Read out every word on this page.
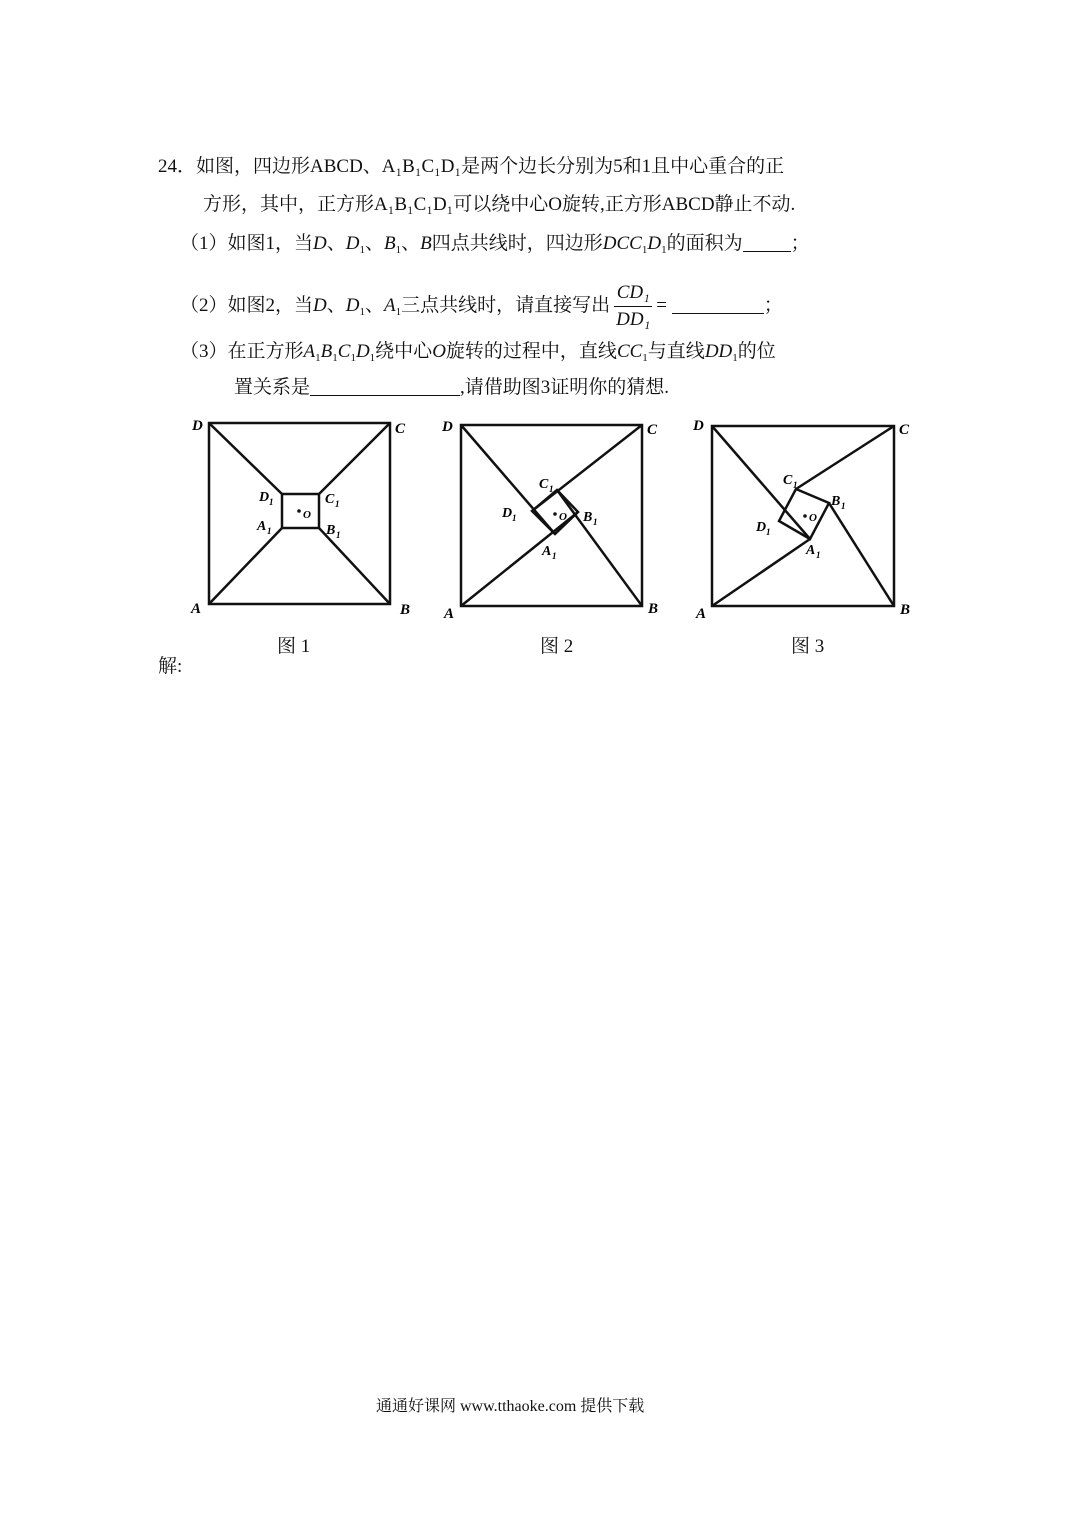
24．如图，四边形ABCD、A₁B₁C₁D₁是两个边长分别为5和1且中心重合的正
方形，其中，正方形A₁B₁C₁D₁可以绕中心O旋转,正方形ABCD静止不动.
（1）如图1，当D、$D_1$、$B_1$、B四点共线时，四边形$DCC_1D_1$的面积为	；
（2）如图2，当D、$D_1$、$A_1$三点共线时，请直接写出 $\frac{\text{CD₁}}{\text{DD₁}}$ =	；
（3）在正方形$A_1B_1C_1D_1$绕中心O旋转的过程中，直线$CC_1$与直线$DD_1$的位
置关系是	,请借助图3证明你的猜想.
D	C
A	B
O
D 1	C 1
A 1	B 1
图 1
D	C
A	B
O
C 1
D 1	B 1
A 1
图 2
D	C
A	B
O
C 1
B 1
D 1
A 1
图 3
解:
通通好课网 www.tthaoke.com 提供下载
